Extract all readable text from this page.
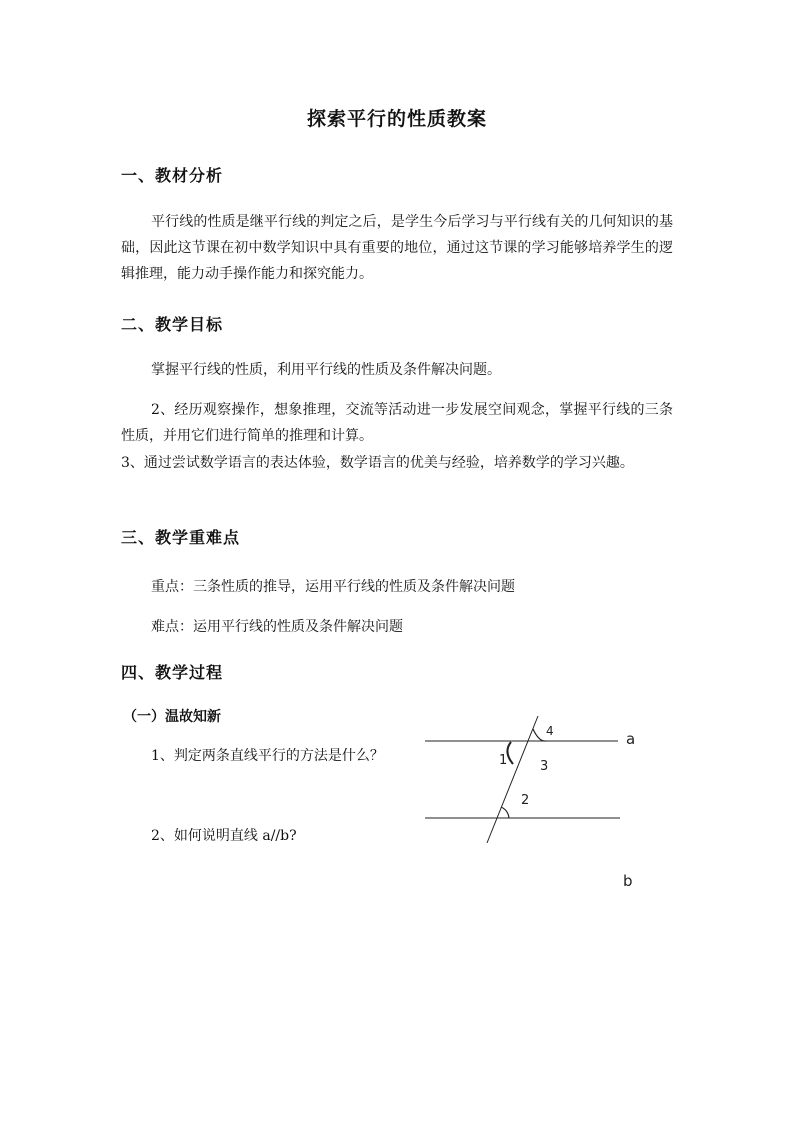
探索平行的性质教案
一、教材分析
平行线的性质是继平行线的判定之后，是学生今后学习与平行线有关的几何知识的基础，因此这节课在初中数学知识中具有重要的地位，通过这节课的学习能够培养学生的逻辑推理，能力动手操作能力和探究能力。
二、教学目标
掌握平行线的性质，利用平行线的性质及条件解决问题。
2、经历观察操作，想象推理，交流等活动进一步发展空间观念，掌握平行线的三条性质，并用它们进行简单的推理和计算。
3、通过尝试数学语言的表达体验，数学语言的优美与经验，培养数学的学习兴趣。
三、教学重难点
重点：三条性质的推导，运用平行线的性质及条件解决问题
难点：运用平行线的性质及条件解决问题
四、教学过程
（一）温故知新
1、判定两条直线平行的方法是什么？
2、如何说明直线 a//b?
4
1	3
2
a
b
